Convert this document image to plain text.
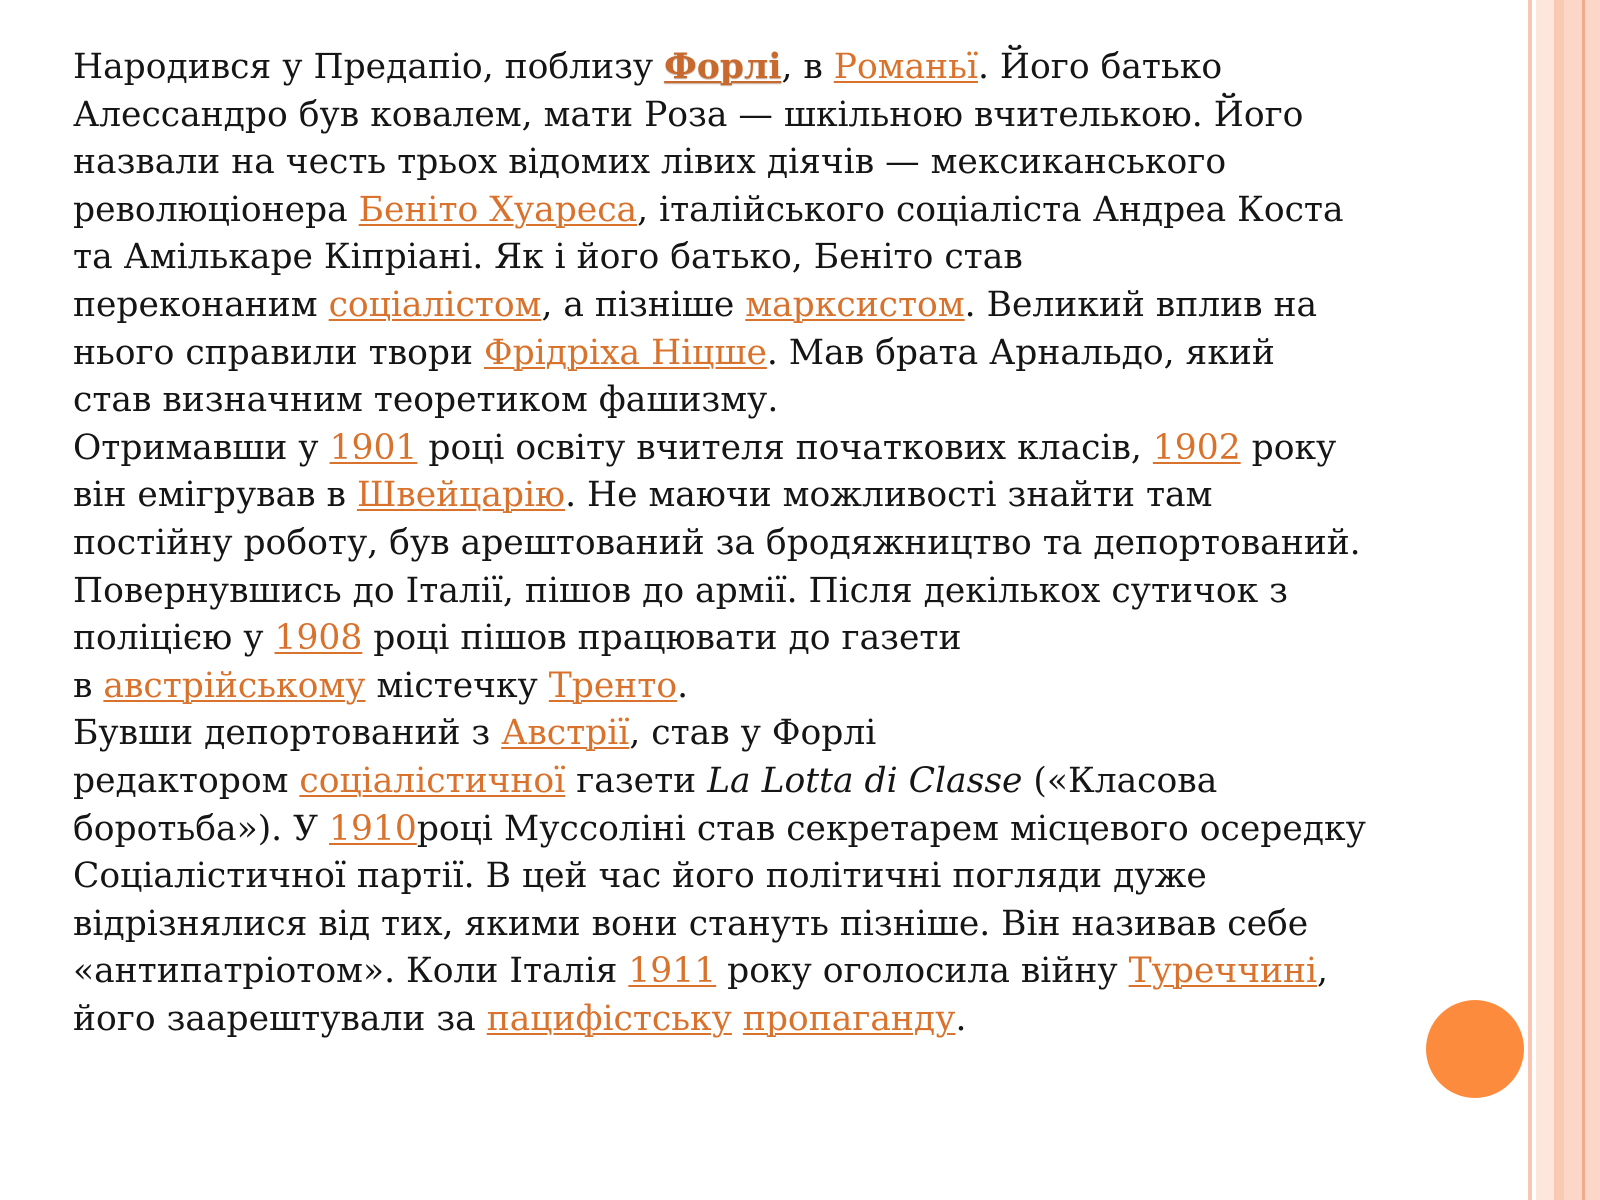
Народився у Предапіо, поблизу Форлі, в Романьї. Його батько
Алессандро був ковалем, мати Роза — шкільною вчителькою. Його
назвали на честь трьох відомих лівих діячів — мексиканського
революціонера Беніто Хуареса, італійського соціаліста Андреа Коста
та Амількаре Кіпріані. Як і його батько, Беніто став
переконаним соціалістом, а пізніше марксистом. Великий вплив на
нього справили твори Фрідріха Ніцше. Мав брата Арнальдо, який
став визначним теоретиком фашизму.
Отримавши у 1901 році освіту вчителя початкових класів, 1902 року
він емігрував в Швейцарію. Не маючи можливості знайти там
постійну роботу, був арештований за бродяжництво та депортований.
Повернувшись до Італії, пішов до армії. Після декількох сутичок з
поліцією у 1908 році пішов працювати до газети
в австрійському містечку Тренто.
Бувши депортований з Австрії, став у Форлі
редактором соціалістичної газети La Lotta di Classe («Класова
боротьба»). У 1910році Муссоліні став секретарем місцевого осередку
Соціалістичної партії. В цей час його політичні погляди дуже
відрізнялися від тих, якими вони стануть пізніше. Він називав себе
«антипатріотом». Коли Італія 1911 року оголосила війну Туреччині,
його заарештували за пацифістську пропаганду.
